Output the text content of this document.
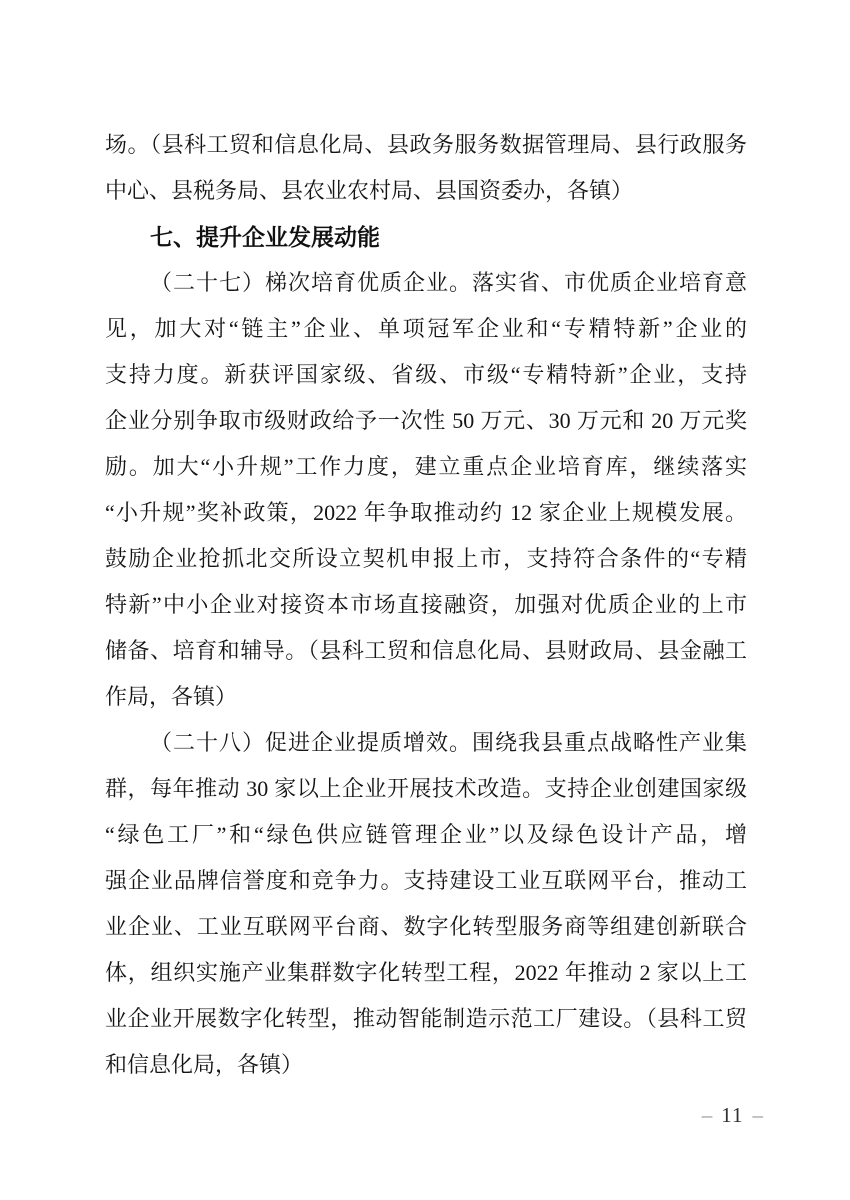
场。（县科工贸和信息化局、县政务服务数据管理局、县行政服务
中心、县税务局、县农业农村局、县国资委办，各镇）
七、提升企业发展动能
（二十七）梯次培育优质企业。落实省、市优质企业培育意
见，加大对“链主”企业、单项冠军企业和“专精特新”企业的
支持力度。新获评国家级、省级、市级“专精特新”企业，支持
企业分别争取市级财政给予一次性 50 万元、30 万元和 20 万元奖
励。加大“小升规”工作力度，建立重点企业培育库，继续落实
“小升规”奖补政策，2022 年争取推动约 12 家企业上规模发展。
鼓励企业抢抓北交所设立契机申报上市，支持符合条件的“专精
特新”中小企业对接资本市场直接融资，加强对优质企业的上市
储备、培育和辅导。（县科工贸和信息化局、县财政局、县金融工
作局，各镇）
（二十八）促进企业提质增效。围绕我县重点战略性产业集
群，每年推动 30 家以上企业开展技术改造。支持企业创建国家级
“绿色工厂”和“绿色供应链管理企业”以及绿色设计产品，增
强企业品牌信誉度和竞争力。支持建设工业互联网平台，推动工
业企业、工业互联网平台商、数字化转型服务商等组建创新联合
体，组织实施产业集群数字化转型工程，2022 年推动 2 家以上工
业企业开展数字化转型，推动智能制造示范工厂建设。（县科工贸
和信息化局，各镇）
– 11 –
